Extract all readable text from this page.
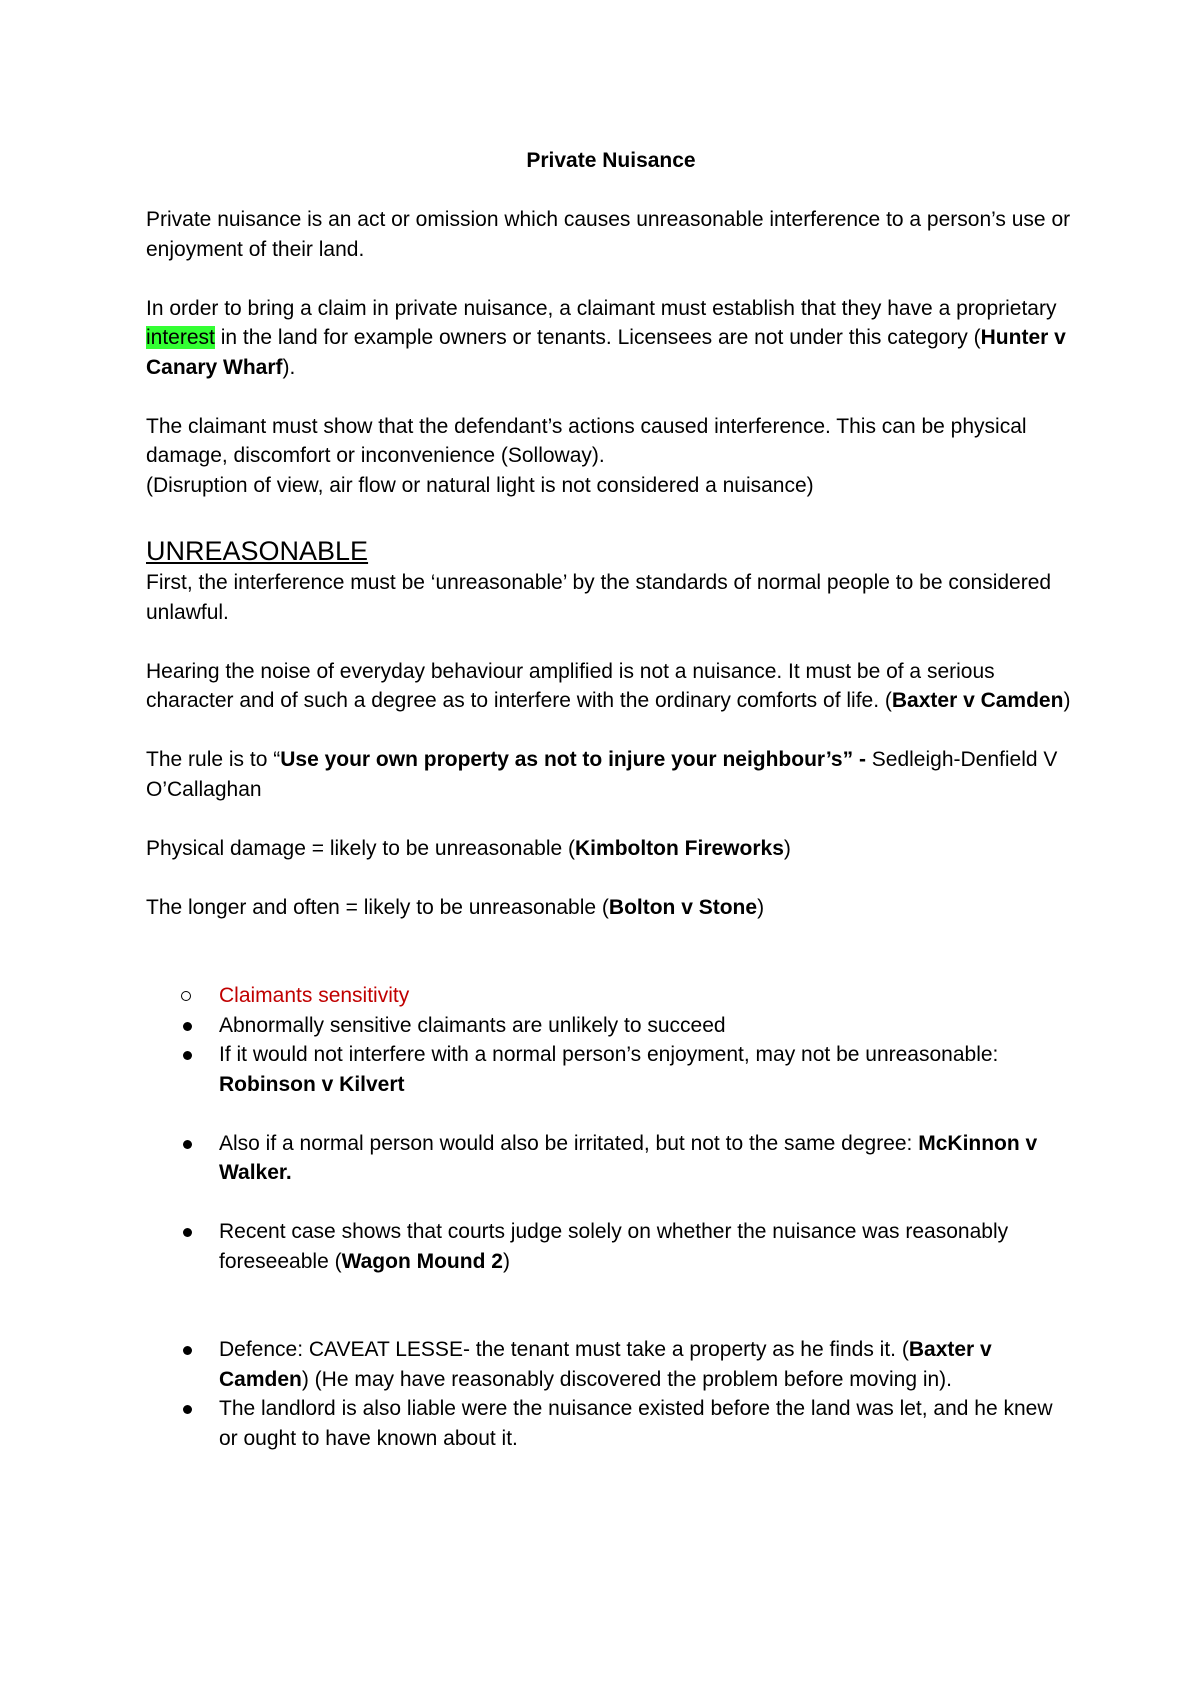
Private Nuisance

Private nuisance is an act or omission which causes unreasonable interference to a person’s use or enjoyment of their land.

In order to bring a claim in private nuisance, a claimant must establish that they have a proprietary interest in the land for example owners or tenants. Licensees are not under this category (Hunter v Canary Wharf).

The claimant must show that the defendant’s actions caused interference. This can be physical damage, discomfort or inconvenience (Solloway).

(Disruption of view, air flow or natural light is not considered a nuisance)

UNREASONABLE

First, the interference must be ‘unreasonable’ by the standards of normal people to be considered unlawful.

Hearing the noise of everyday behaviour amplified is not a nuisance. It must be of a serious character and of such a degree as to interfere with the ordinary comforts of life. (Baxter v Camden)

The rule is to “Use your own property as not to injure your neighbour’s” - Sedleigh-Denfield V O’Callaghan

Physical damage = likely to be unreasonable (Kimbolton Fireworks)

The longer and often = likely to be unreasonable (Bolton v Stone)

Claimants sensitivity
Abnormally sensitive claimants are unlikely to succeed
If it would not interfere with a normal person’s enjoyment, may not be unreasonable: Robinson v Kilvert
Also if a normal person would also be irritated, but not to the same degree: McKinnon v Walker.
Recent case shows that courts judge solely on whether the nuisance was reasonably foreseeable (Wagon Mound 2)
Defence: CAVEAT LESSE- the tenant must take a property as he finds it. (Baxter v Camden) (He may have reasonably discovered the problem before moving in).
The landlord is also liable were the nuisance existed before the land was let, and he knew or ought to have known about it.
